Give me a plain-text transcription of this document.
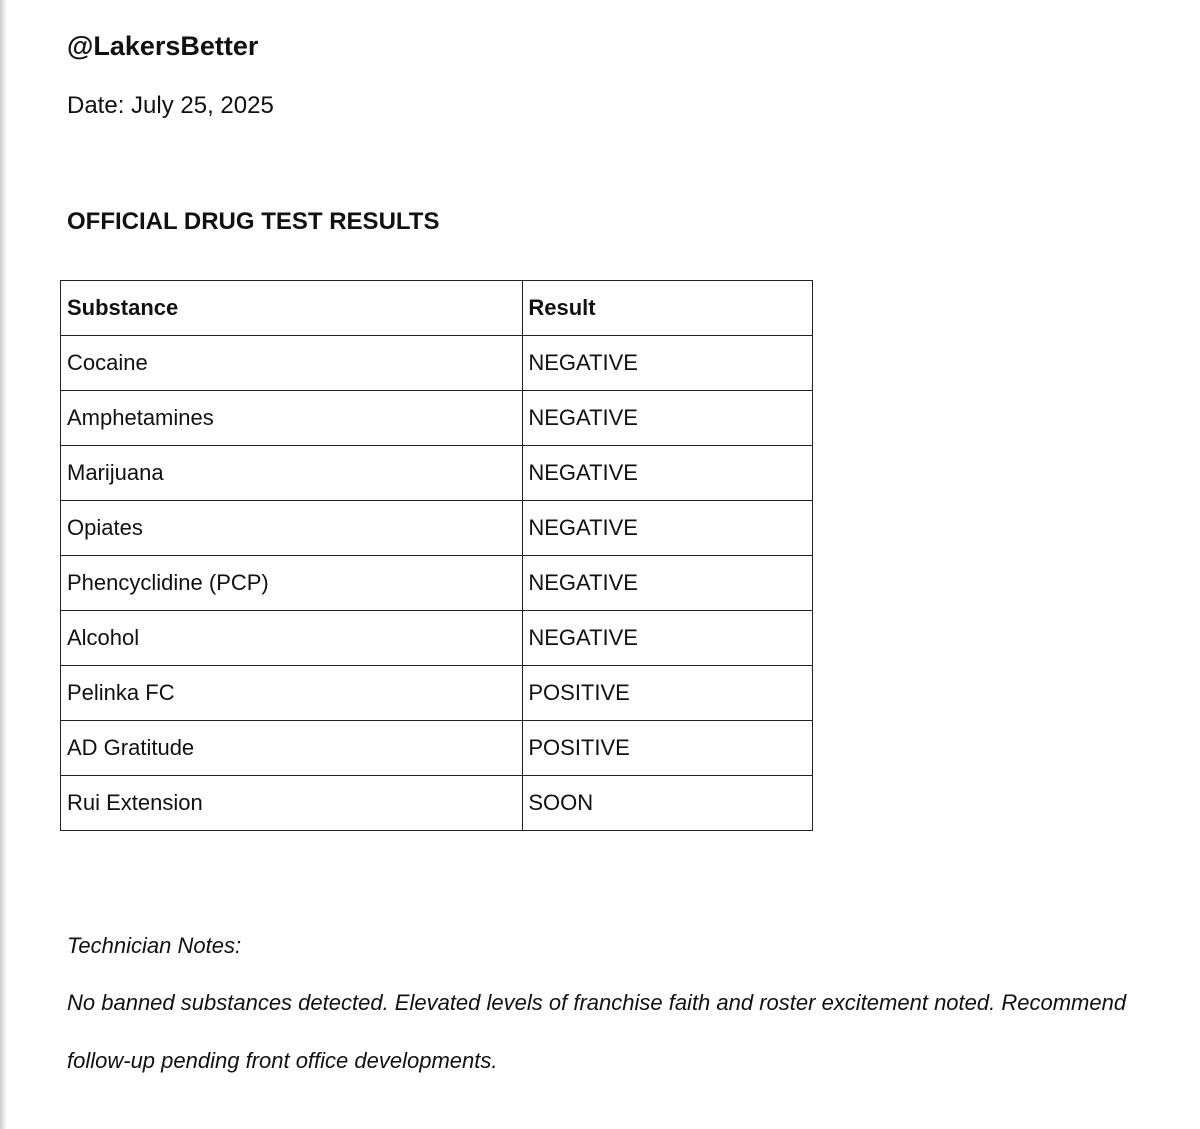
@LakersBetter

Date: July 25, 2025

OFFICIAL DRUG TEST RESULTS
Substance	Result
Cocaine	NEGATIVE
Amphetamines	NEGATIVE
Marijuana	NEGATIVE
Opiates	NEGATIVE
Phencyclidine (PCP)	NEGATIVE
Alcohol	NEGATIVE
Pelinka FC	POSITIVE
AD Gratitude	POSITIVE
Rui Extension	SOON

Technician Notes:

No banned substances detected. Elevated levels of franchise faith and roster excitement noted. Recommend follow-up pending front office developments.
